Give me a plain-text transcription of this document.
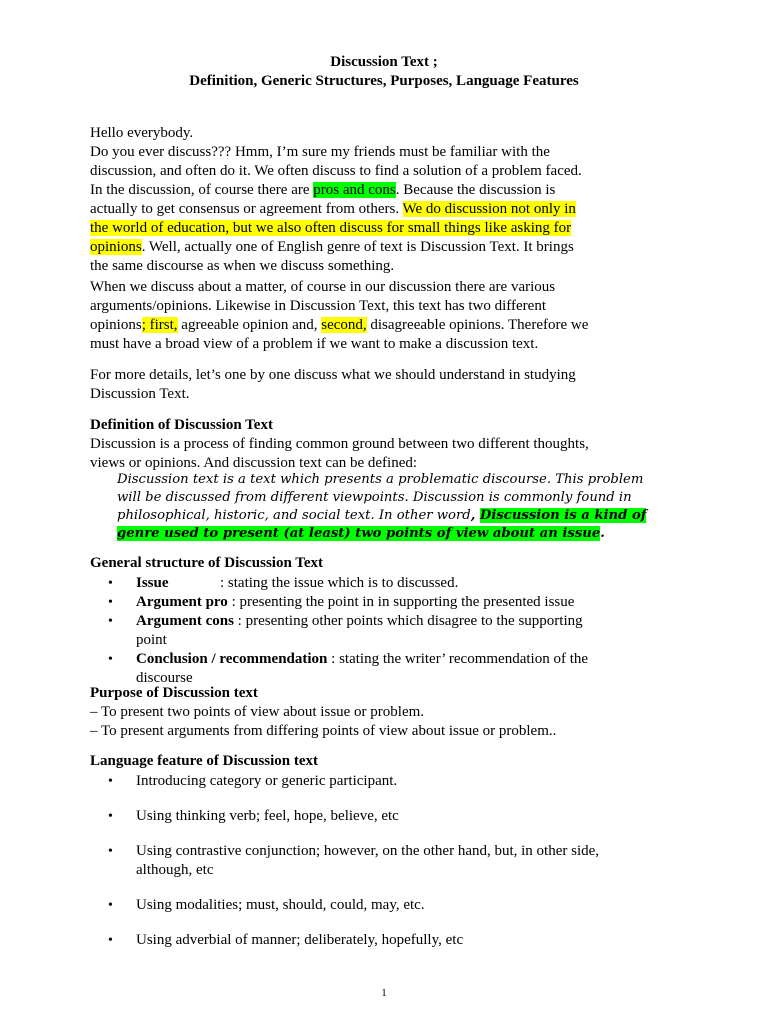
Discussion Text ;
Definition, Generic Structures, Purposes, Language Features
Hello everybody.
Do you ever discuss??? Hmm, I’m sure my friends must be familiar with the
discussion, and often do it. We often discuss to find a solution of a problem faced.
In the discussion, of course there are pros and cons. Because the discussion is
actually to get consensus or agreement from others. We do discussion not only in
the world of education, but we also often discuss for small things like asking for
opinions. Well, actually one of English genre of text is Discussion Text. It brings
the same discourse as when we discuss something.
When we discuss about a matter, of course in our discussion there are various
arguments/opinions. Likewise in Discussion Text, this text has two different
opinions; first, agreeable opinion and, second, disagreeable opinions. Therefore we
must have a broad view of a problem if we want to make a discussion text.
For more details, let’s one by one discuss what we should understand in studying
Discussion Text.
Definition of Discussion Text
Discussion is a process of finding common ground between two different thoughts,
views or opinions. And discussion text can be defined:
Discussion text is a text which presents a problematic discourse. This problem
will be discussed from different viewpoints. Discussion is commonly found in
philosophical, historic, and social text. In other word, Discussion is a kind of
genre used to present (at least) two points of view about an issue.
General structure of Discussion Text
•	Issue	: stating the issue which is to discussed.
•	Argument pro : presenting the point in in supporting the presented issue
•	Argument cons : presenting other points which disagree to the supporting
point
•	Conclusion / recommendation : stating the writer’ recommendation of the
discourse
Purpose of Discussion text
– To present two points of view about issue or problem.
– To present arguments from differing points of view about issue or problem..
Language feature of Discussion text
•	Introducing category or generic participant.
•	Using thinking verb; feel, hope, believe, etc
•	Using contrastive conjunction; however, on the other hand, but, in other side,
although, etc
•	Using modalities; must, should, could, may, etc.
•	Using adverbial of manner; deliberately, hopefully, etc
1
